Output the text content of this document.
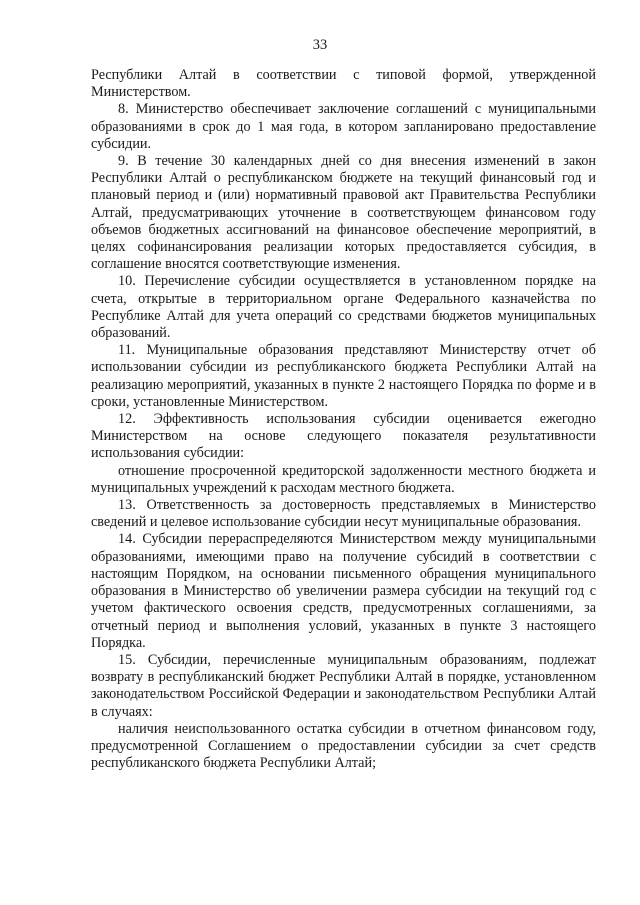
33

Республики Алтай в соответствии с типовой формой, утвержденной Министерством.

8. Министерство обеспечивает заключение соглашений с муниципальными образованиями в срок до 1 мая года, в котором запланировано предоставление субсидии.

9. В течение 30 календарных дней со дня внесения изменений в закон Республики Алтай о республиканском бюджете на текущий финансовый год и плановый период и (или) нормативный правовой акт Правительства Республики Алтай, предусматривающих уточнение в соответствующем финансовом году объемов бюджетных ассигнований на финансовое обеспечение мероприятий, в целях софинансирования реализации которых предоставляется субсидия, в соглашение вносятся соответствующие изменения.

10. Перечисление субсидии осуществляется в установленном порядке на счета, открытые в территориальном органе Федерального казначейства по Республике Алтай для учета операций со средствами бюджетов муниципальных образований.

11. Муниципальные образования представляют Министерству отчет об использовании субсидии из республиканского бюджета Республики Алтай на реализацию мероприятий, указанных в пункте 2 настоящего Порядка по форме и в сроки, установленные Министерством.

12. Эффективность использования субсидии оценивается ежегодно Министерством на основе следующего показателя результативности использования субсидии:

отношение просроченной кредиторской задолженности местного бюджета и муниципальных учреждений к расходам местного бюджета.

13. Ответственность за достоверность представляемых в Министерство сведений и целевое использование субсидии несут муниципальные образования.

14. Субсидии перераспределяются Министерством между муниципальными образованиями, имеющими право на получение субсидий в соответствии с настоящим Порядком, на основании письменного обращения муниципального образования в Министерство об увеличении размера субсидии на текущий год с учетом фактического освоения средств, предусмотренных соглашениями, за отчетный период и выполнения условий, указанных в пункте 3 настоящего Порядка.

15. Субсидии, перечисленные муниципальным образованиям, подлежат возврату в республиканский бюджет Республики Алтай в порядке, установленном законодательством Российской Федерации и законодательством Республики Алтай в случаях:

наличия неиспользованного остатка субсидии в отчетном финансовом году, предусмотренной Соглашением о предоставлении субсидии за счет средств республиканского бюджета Республики Алтай;
